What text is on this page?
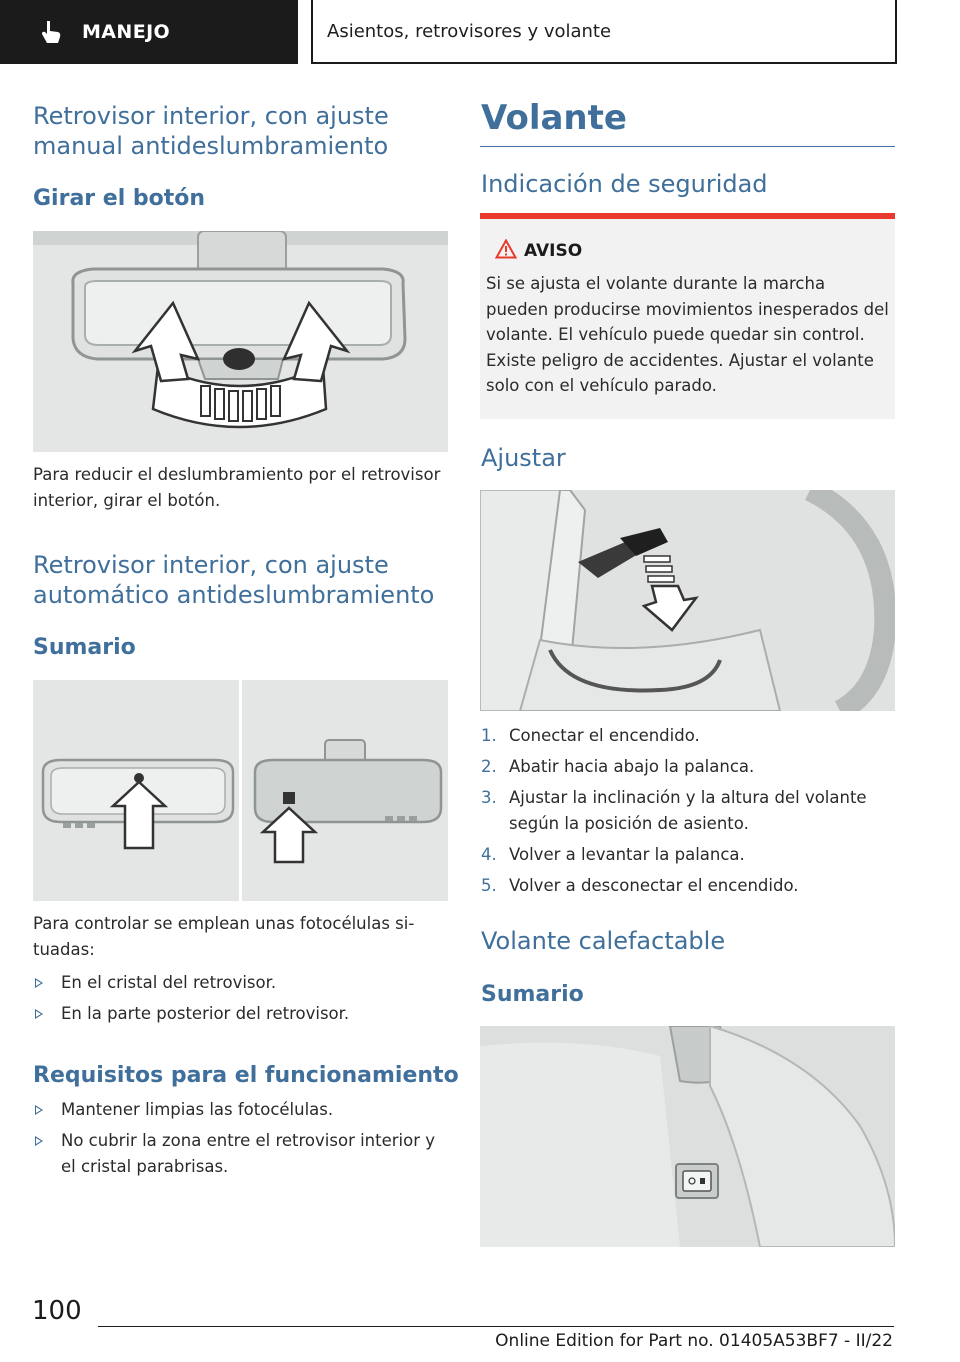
MANEJO	Asientos, retrovisores y volante
Retrovisor interior, con ajuste manual antideslumbramiento
Girar el botón

Para reducir el deslumbramiento por el retrovisor interior, girar el botón.

Retrovisor interior, con ajuste automático antideslumbramiento
Sumario

Para controlar se emplean unas fotocélulas situadas:

En el cristal del retrovisor.
En la parte posterior del retrovisor.
Requisitos para el funcionamiento
Mantener limpias las fotocélulas.
No cubrir la zona entre el retrovisor interior y el cristal parabrisas.
Volante
Indicación de seguridad
AVISO

Si se ajusta el volante durante la marcha pueden producirse movimientos inesperados del volante. El vehículo puede quedar sin control. Existe peligro de accidentes. Ajustar el volante solo con el vehículo parado.

Ajustar
1. Conectar el encendido.
2. Abatir hacia abajo la palanca.
3. Ajustar la inclinación y la altura del volante según la posición de asiento.
4. Volver a levantar la palanca.
5. Volver a desconectar el encendido.
Volante calefactable
Sumario
100
Online Edition for Part no. 01405A53BF7 - II/22
